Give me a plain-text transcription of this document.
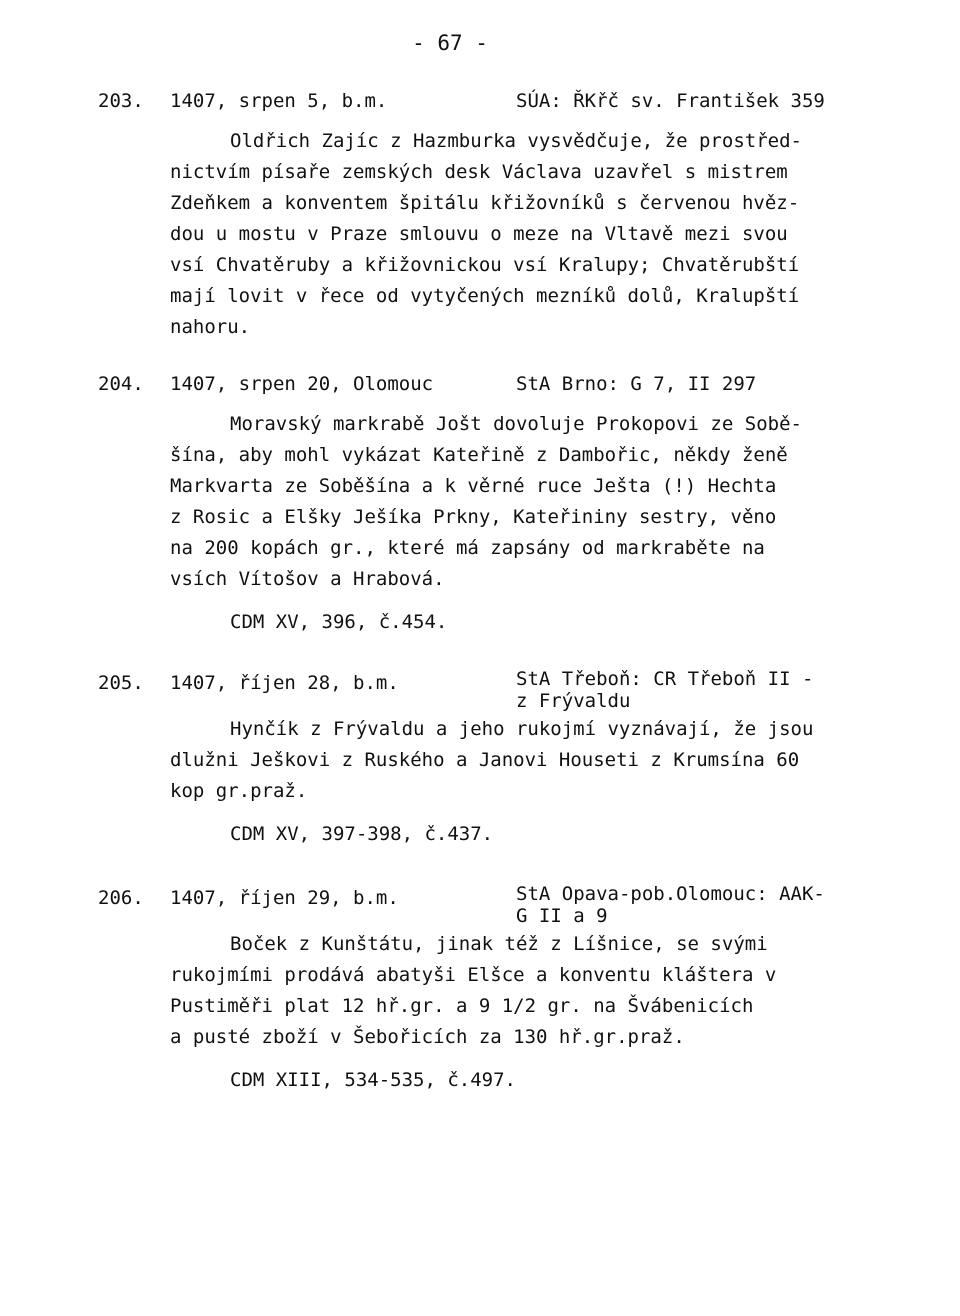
- 67 -
203. 1407, srpen 5, b.m.	SÚA: ŘKřč sv. František 359
Oldřich Zajíc z Hazmburka vysvědčuje, že prostřed-
nictvím písaře zemských desk Václava uzavřel s mistrem
Zdeňkem a konventem špitálu křižovníků s červenou hvěz-
dou u mostu v Praze smlouvu o meze na Vltavě mezi svou
vsí Chvatěruby a křižovnickou vsí Kralupy; Chvatěrubští
mají lovit v řece od vytyčených mezníků dolů, Kralupští
nahoru.
204. 1407, srpen 20, Olomouc	StA Brno: G 7, II 297
Moravský markrabě Jošt dovoluje Prokopovi ze Sobě-
šína, aby mohl vykázat Kateřině z Dambořic, někdy ženě
Markvarta ze Soběšína a k věrné ruce Ješta (!) Hechta
z Rosic a Elšky Ješíka Prkny, Kateřininy sestry, věno
na 200 kopách gr., které má zapsány od markraběte na
vsích Vítošov a Hrabová.
CDM XV, 396, č.454.
205. 1407, říjen 28, b.m.	StA Třeboň: CR Třeboň II -
z Frývaldu
Hynčík z Frývaldu a jeho rukojmí vyznávají, že jsou
dlužni Ješkovi z Ruského a Janovi Houseti z Krumsína 60
kop gr.praž.
CDM XV, 397-398, č.437.
206. 1407, říjen 29, b.m.	StA Opava-pob.Olomouc: AAK-
G II a 9
Boček z Kunštátu, jinak též z Líšnice, se svými
rukojmími prodává abatyši Elšce a konventu kláštera v
Pustiměři plat 12 hř.gr. a 9 1/2 gr. na Švábenicích
a pusté zboží v Šebořicích za 130 hř.gr.praž.
CDM XIII, 534-535, č.497.
